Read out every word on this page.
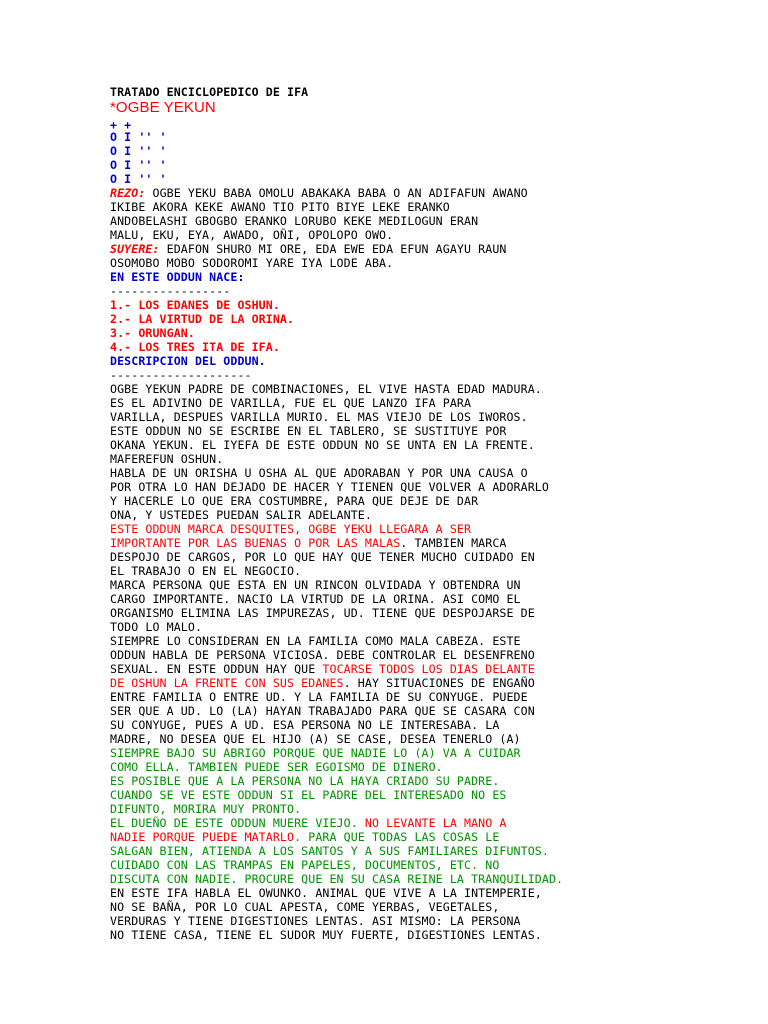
TRATADO ENCICLOPEDICO DE IFA
*OGBE YEKUN
+ +
O I '' '
O I '' '
O I '' '
O I '' '
REZO: OGBE YEKU BABA OMOLU ABAKAKA BABA O AN ADIFAFUN AWANO
IKIBE AKORA KEKE AWANO TIO PITO BIYE LEKE ERANKO
ANDOBELASHI GBOGBO ERANKO LORUBO KEKE MEDILOGUN ERAN
MALU, EKU, EYA, AWADO, OÑI, OPOLOPO OWO.
SUYERE: EDAFON SHURO MI ORE, EDA EWE EDA EFUN AGAYU RAUN
OSOMOBO MOBO SODOROMI YARE IYA LODE ABA.
EN ESTE ODDUN NACE:
-----------------
1.- LOS EDANES DE OSHUN.
2.- LA VIRTUD DE LA ORINA.
3.- ORUNGAN.
4.- LOS TRES ITA DE IFA.
DESCRIPCION DEL ODDUN.
--------------------
OGBE YEKUN PADRE DE COMBINACIONES, EL VIVE HASTA EDAD MADURA.
ES EL ADIVINO DE VARILLA, FUE EL QUE LANZO IFA PARA
VARILLA, DESPUES VARILLA MURIO. EL MAS VIEJO DE LOS IWOROS.
ESTE ODDUN NO SE ESCRIBE EN EL TABLERO, SE SUSTITUYE POR
OKANA YEKUN. EL IYEFA DE ESTE ODDUN NO SE UNTA EN LA FRENTE.
MAFEREFUN OSHUN.
HABLA DE UN ORISHA U OSHA AL QUE ADORABAN Y POR UNA CAUSA O
POR OTRA LO HAN DEJADO DE HACER Y TIENEN QUE VOLVER A ADORARLO
Y HACERLE LO QUE ERA COSTUMBRE, PARA QUE DEJE DE DAR
ONA, Y USTEDES PUEDAN SALIR ADELANTE.
ESTE ODDUN MARCA DESQUITES, OGBE YEKU LLEGARA A SER
IMPORTANTE POR LAS BUENAS O POR LAS MALAS. TAMBIEN MARCA
DESPOJO DE CARGOS, POR LO QUE HAY QUE TENER MUCHO CUIDADO EN
EL TRABAJO O EN EL NEGOCIO.
MARCA PERSONA QUE ESTA EN UN RINCON OLVIDADA Y OBTENDRA UN
CARGO IMPORTANTE. NACIO LA VIRTUD DE LA ORINA. ASI COMO EL
ORGANISMO ELIMINA LAS IMPUREZAS, UD. TIENE QUE DESPOJARSE DE
TODO LO MALO.
SIEMPRE LO CONSIDERAN EN LA FAMILIA COMO MALA CABEZA. ESTE
ODDUN HABLA DE PERSONA VICIOSA. DEBE CONTROLAR EL DESENFRENO
SEXUAL. EN ESTE ODDUN HAY QUE TOCARSE TODOS LOS DIAS DELANTE
DE OSHUN LA FRENTE CON SUS EDANES. HAY SITUACIONES DE ENGAÑO
ENTRE FAMILIA O ENTRE UD. Y LA FAMILIA DE SU CONYUGE. PUEDE
SER QUE A UD. LO (LA) HAYAN TRABAJADO PARA QUE SE CASARA CON
SU CONYUGE, PUES A UD. ESA PERSONA NO LE INTERESABA. LA
MADRE, NO DESEA QUE EL HIJO (A) SE CASE, DESEA TENERLO (A)
SIEMPRE BAJO SU ABRIGO PORQUE QUE NADIE LO (A) VA A CUIDAR
COMO ELLA. TAMBIEN PUEDE SER EGOISMO DE DINERO.
ES POSIBLE QUE A LA PERSONA NO LA HAYA CRIADO SU PADRE.
CUANDO SE VE ESTE ODDUN SI EL PADRE DEL INTERESADO NO ES
DIFUNTO, MORIRA MUY PRONTO.
EL DUEÑO DE ESTE ODDUN MUERE VIEJO. NO LEVANTE LA MANO A
NADIE PORQUE PUEDE MATARLO. PARA QUE TODAS LAS COSAS LE
SALGAN BIEN, ATIENDA A LOS SANTOS Y A SUS FAMILIARES DIFUNTOS.
CUIDADO CON LAS TRAMPAS EN PAPELES, DOCUMENTOS, ETC. NO
DISCUTA CON NADIE. PROCURE QUE EN SU CASA REINE LA TRANQUILIDAD.
EN ESTE IFA HABLA EL OWUNKO. ANIMAL QUE VIVE A LA INTEMPERIE,
NO SE BAÑA, POR LO CUAL APESTA, COME YERBAS, VEGETALES,
VERDURAS Y TIENE DIGESTIONES LENTAS. ASI MISMO: LA PERSONA
NO TIENE CASA, TIENE EL SUDOR MUY FUERTE, DIGESTIONES LENTAS.
